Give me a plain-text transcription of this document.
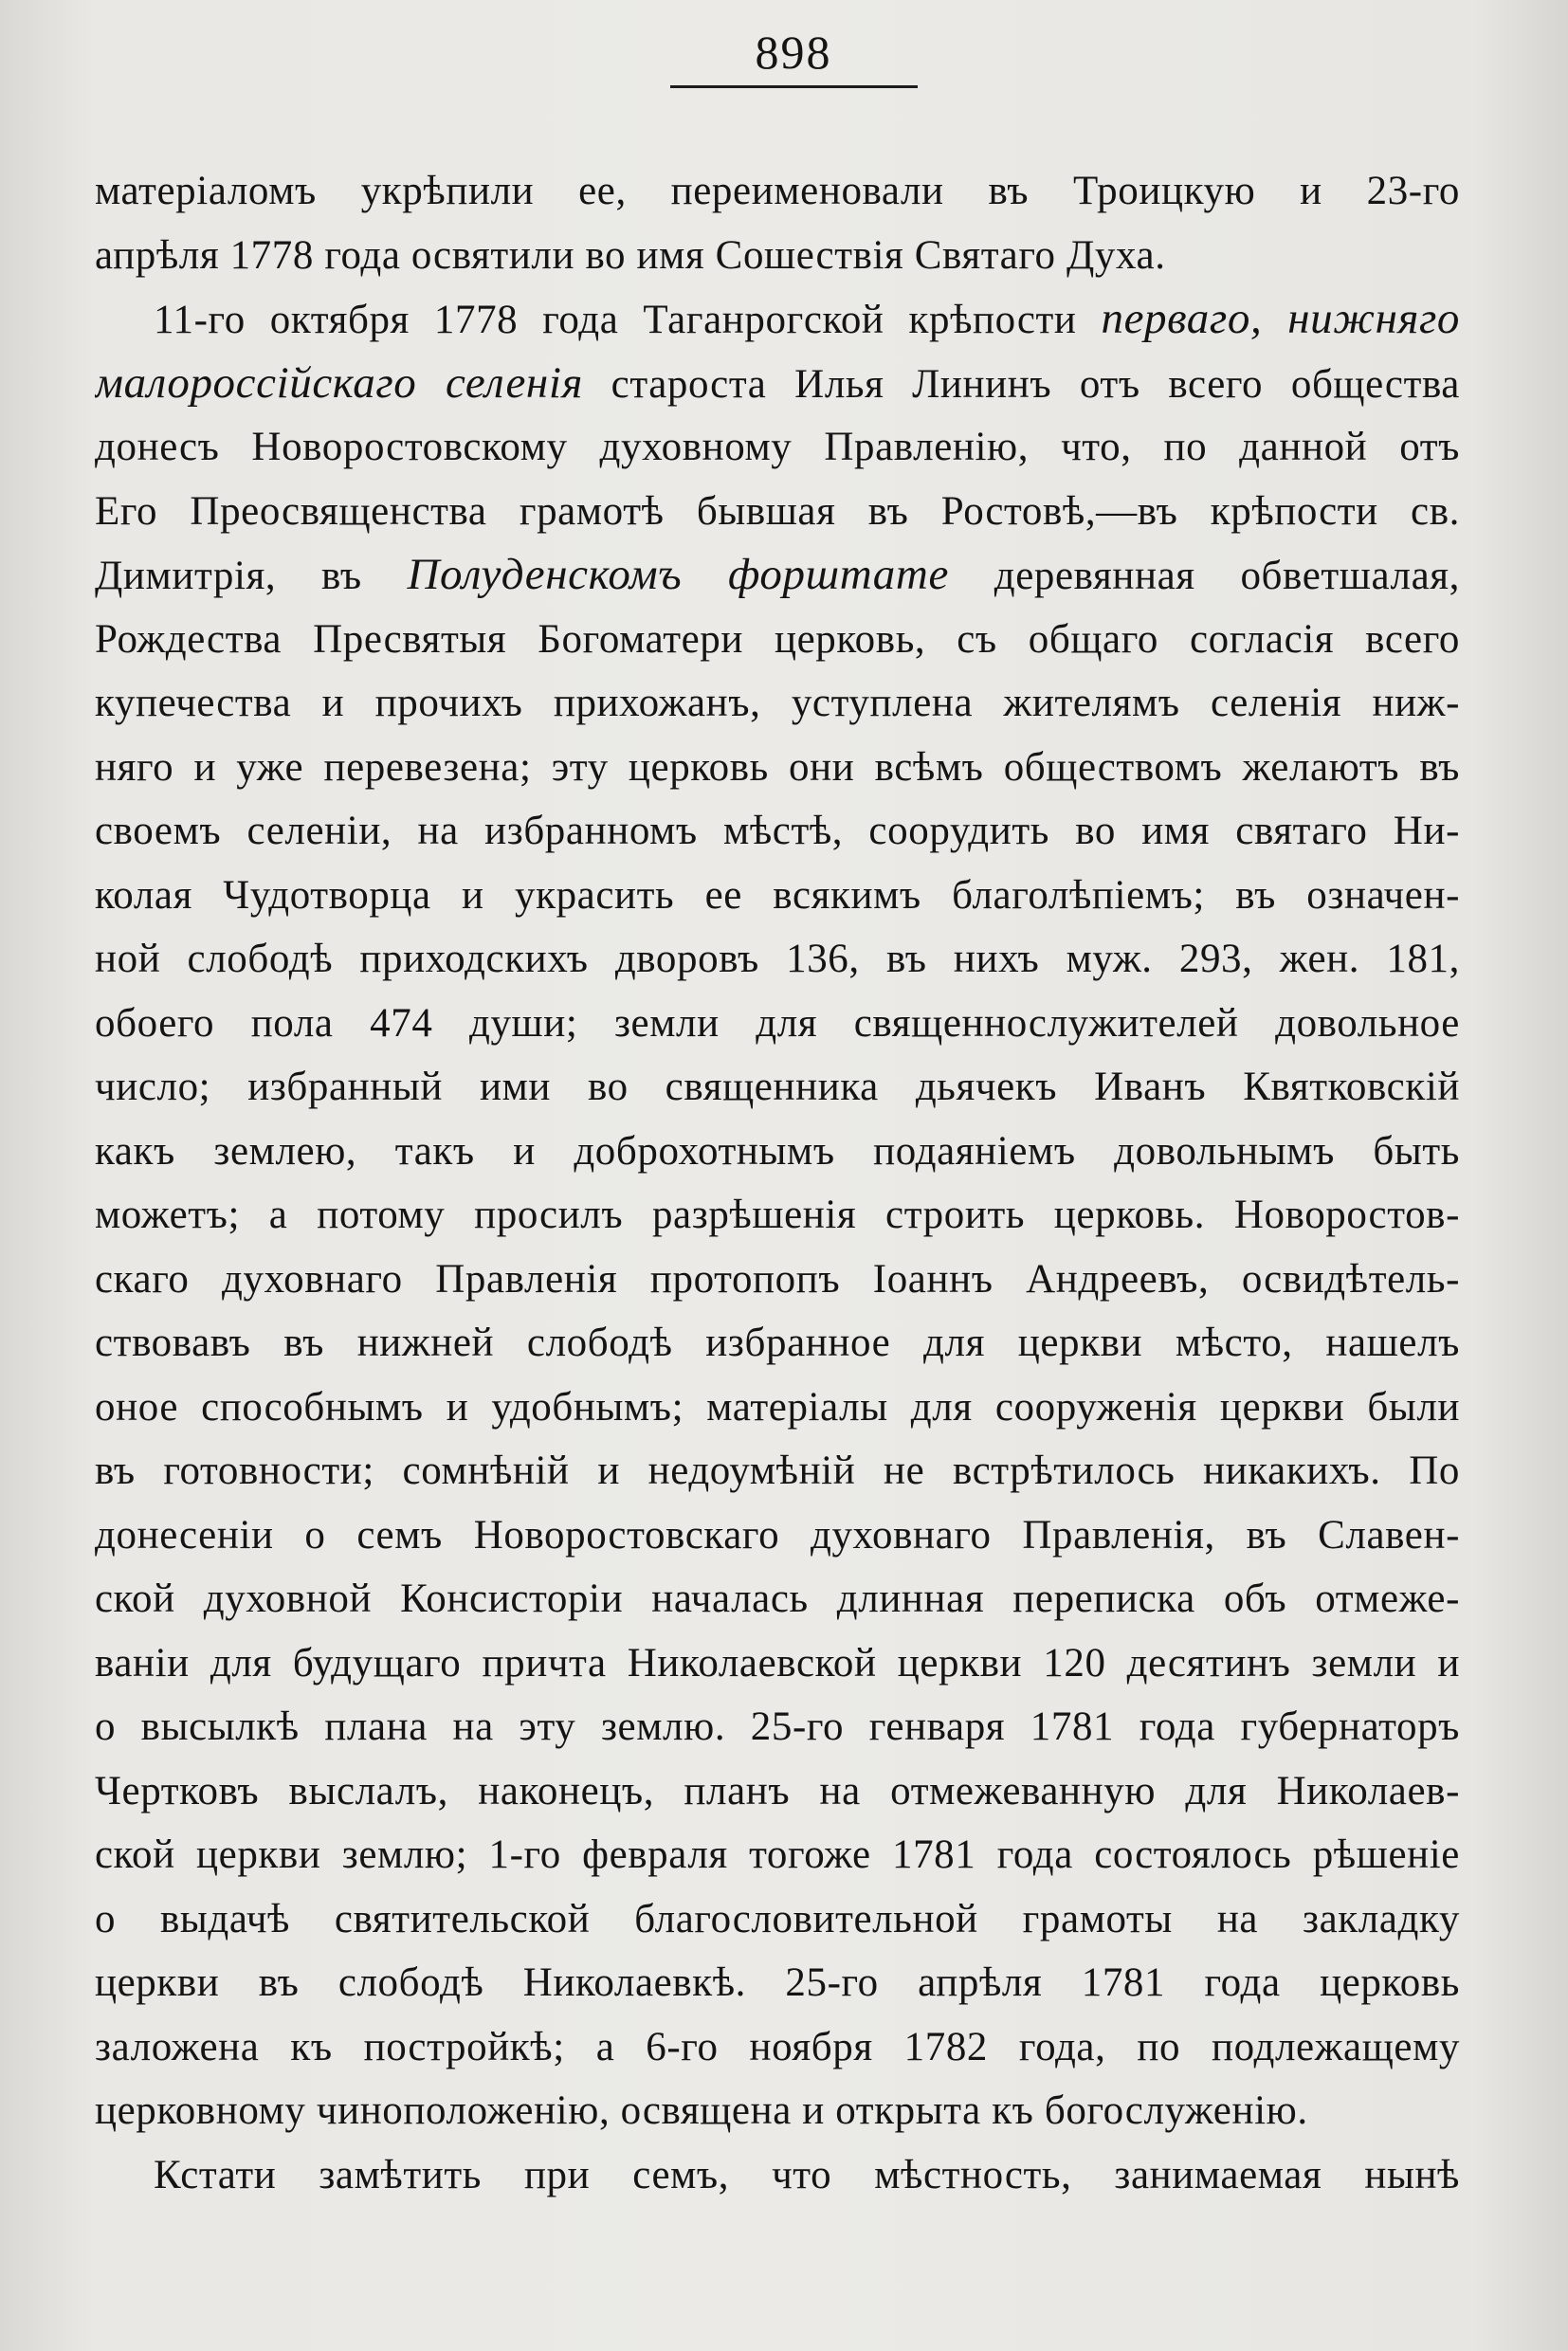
898
матеріаломъ укрѣпили ее, переименовали въ Троицкую и 23-го
апрѣля 1778 года освятили во имя Сошествія Святаго Духа.
11-го октября 1778 года Таганрогской крѣпости перваго, нижняго
малороссійскаго селенія староста Илья Лининъ отъ всего общества
донесъ Новоростовскому духовному Правленію, что, по данной отъ
Его Преосвященства грамотѣ бывшая въ Ростовѣ,—въ крѣпости св.
Димитрія, въ Полуденскомъ форштате деревянная обветшалая,
Рождества Пресвятыя Богоматери церковь, съ общаго согласія всего
купечества и прочихъ прихожанъ, уступлена жителямъ селенія ниж-
няго и уже перевезена; эту церковь они всѣмъ обществомъ желаютъ въ
своемъ селеніи, на избранномъ мѣстѣ, соорудить во имя святаго Ни-
колая Чудотворца и украсить ее всякимъ благолѣпіемъ; въ означен-
ной слободѣ приходскихъ дворовъ 136, въ нихъ муж. 293, жен. 181,
обоего пола 474 души; земли для священнослужителей довольное
число; избранный ими во священника дьячекъ Иванъ Квятковскій
какъ землею, такъ и доброхотнымъ подаяніемъ довольнымъ быть
можетъ; а потому просилъ разрѣшенія строить церковь. Новоростов-
скаго духовнаго Правленія протопопъ Іоаннъ Андреевъ, освидѣтель-
ствовавъ въ нижней слободѣ избранное для церкви мѣсто, нашелъ
оное способнымъ и удобнымъ; матеріалы для сооруженія церкви были
въ готовности; сомнѣній и недоумѣній не встрѣтилось никакихъ. По
донесеніи о семъ Новоростовскаго духовнаго Правленія, въ Славен-
ской духовной Консисторіи началась длинная переписка объ отмеже-
ваніи для будущаго причта Николаевской церкви 120 десятинъ земли и
о высылкѣ плана на эту землю. 25-го генваря 1781 года губернаторъ
Чертковъ выслалъ, наконецъ, планъ на отмежеванную для Николаев-
ской церкви землю; 1-го февраля тогоже 1781 года состоялось рѣшеніе
о выдачѣ святительской благословительной грамоты на закладку
церкви въ слободѣ Николаевкѣ. 25-го апрѣля 1781 года церковь
заложена къ постройкѣ; а 6-го ноября 1782 года, по подлежащему
церковному чиноположенію, освящена и открыта къ богослуженію.
Кстати замѣтить при семъ, что мѣстность, занимаемая нынѣ
